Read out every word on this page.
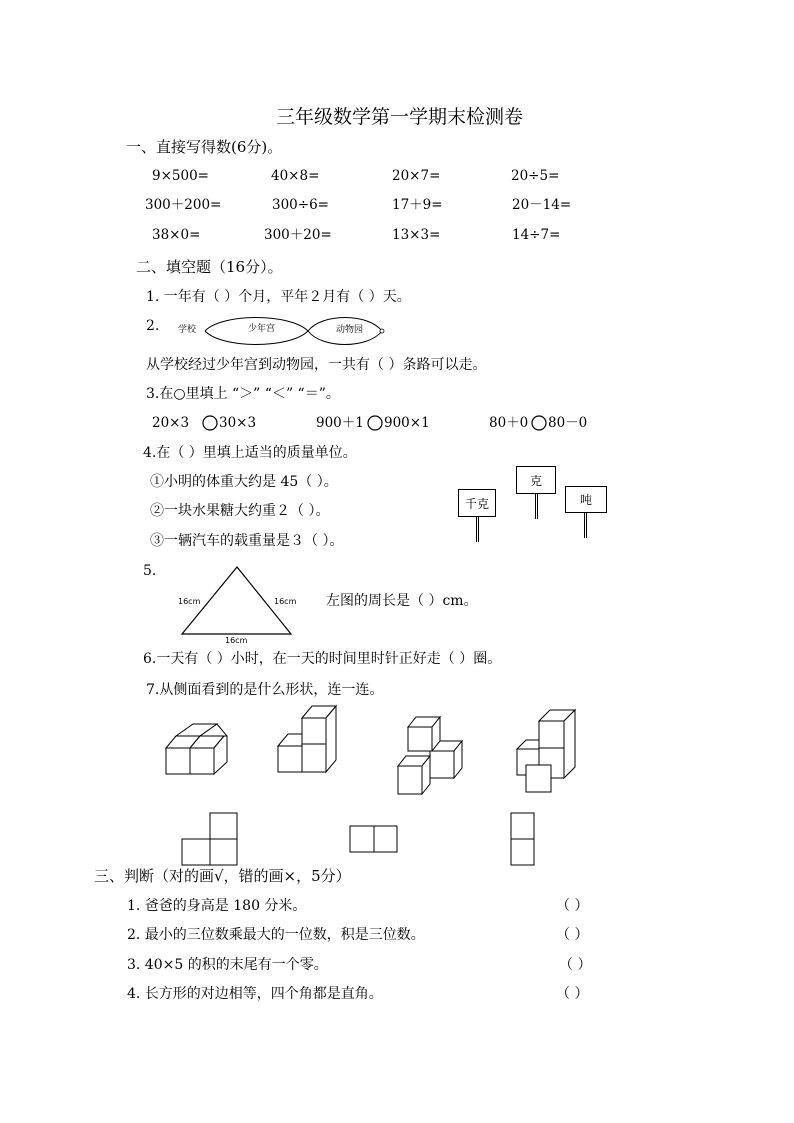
三年级数学第一学期末检测卷
一、直接写得数(6分)。
9×500=	40×8=	20×7=	20÷5=
300＋200=	300÷6=	17＋9=	20－14=
38×0=	300＋20=	13×3=	14÷7=
二、填空题（16分）。
1. 一年有（ ）个月，平年２月有（ ）天。
2. 学校	少年宫	动物园
从学校经过少年宫到动物园，一共有（ ）条路可以走。
3.在○里填上 “＞” “＜” “＝”。
20×3 30×3	900＋1 900×1	80＋0 80－0
4.在（ ）里填上适当的质量单位。
①小明的体重大约是 45（ ）。
②一块水果糖大约重２（ ）。
③一辆汽车的载重量是３（ ）。
千克
克
吨
5.
16cm	16cm
16cm
左图的周长是（ ）cm。
6.一天有（ ）小时，在一天的时间里时针正好走（ ）圈。
7.从侧面看到的是什么形状，连一连。
三、判断（对的画√，错的画×，5分）
1. 爸爸的身高是 180 分米。	（ ）
2. 最小的三位数乘最大的一位数，积是三位数。	（ ）
3. 40×5 的积的末尾有一个零。	（ ）
4. 长方形的对边相等，四个角都是直角。	（ ）
